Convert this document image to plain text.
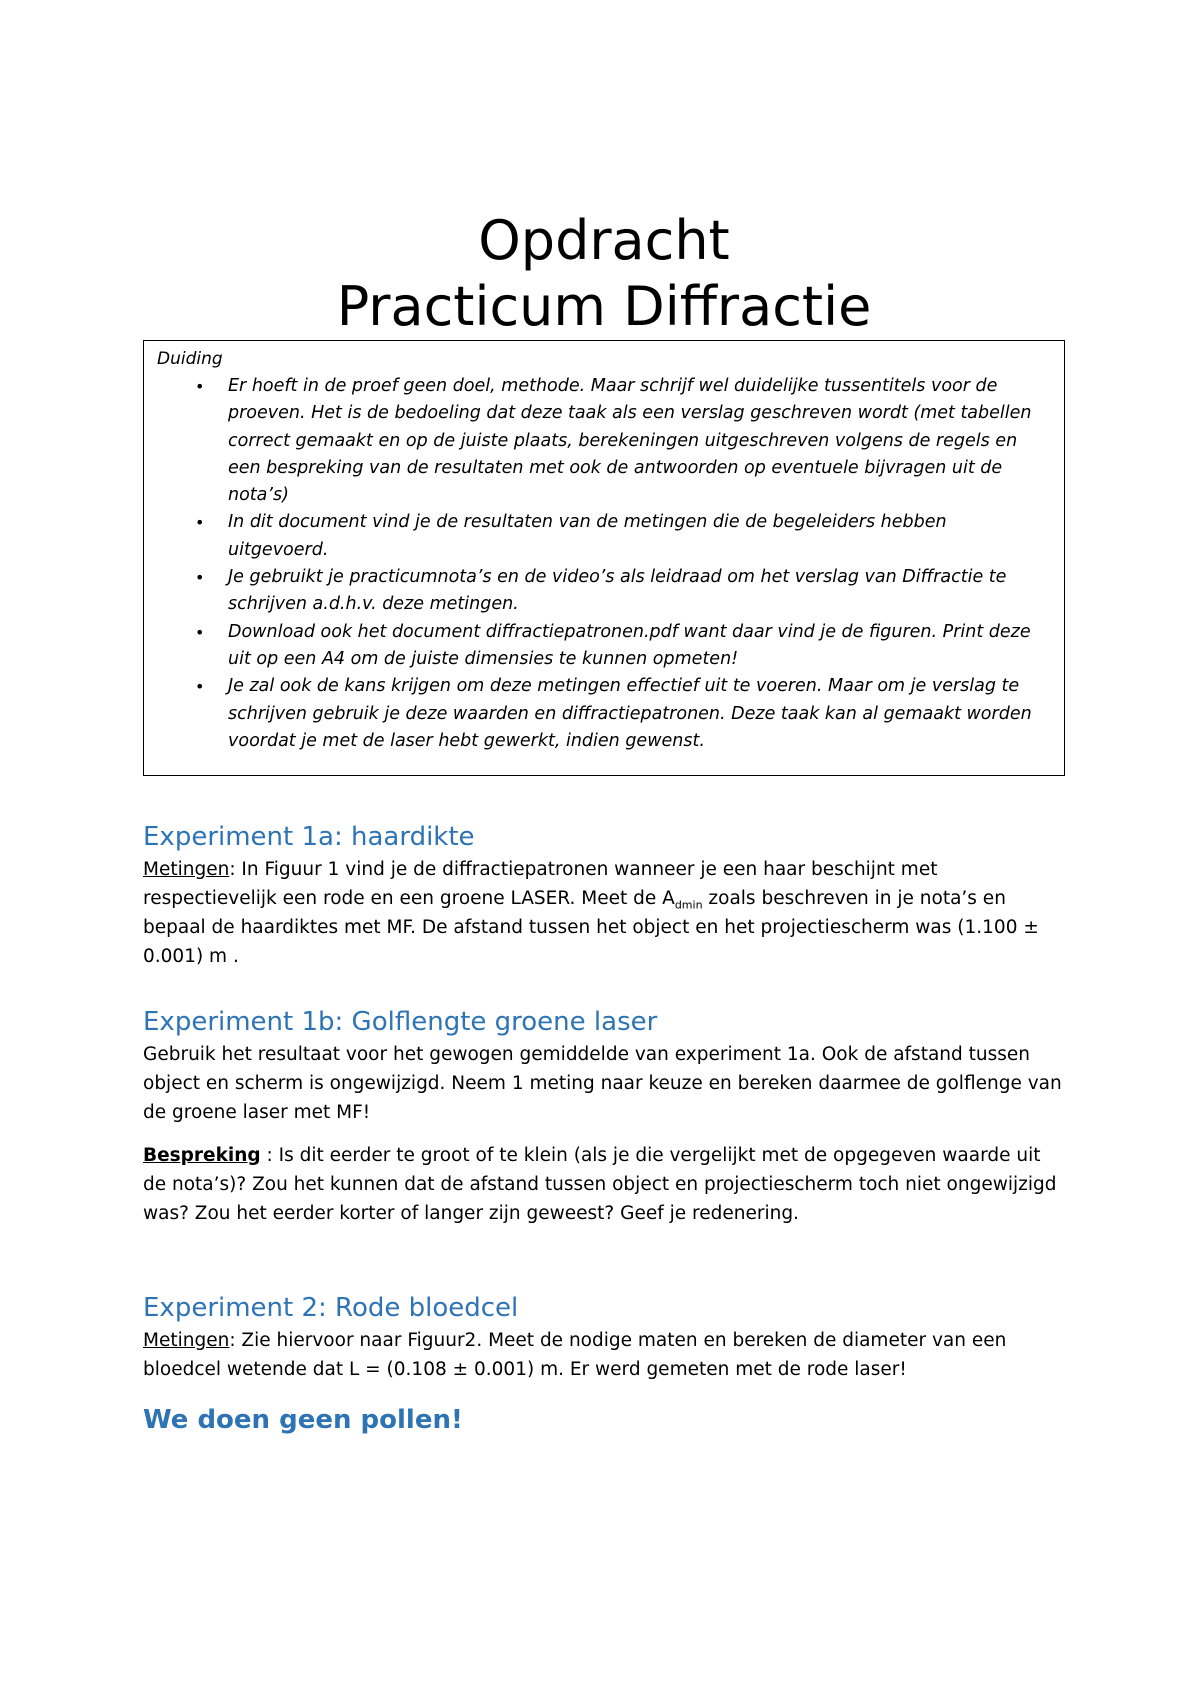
Opdracht
Practicum Diffractie
Duiding
• Er hoeft in de proef geen doel, methode. Maar schrijf wel duidelijke tussentitels voor de proeven. Het is de bedoeling dat deze taak als een verslag geschreven wordt (met tabellen correct gemaakt en op de juiste plaats, berekeningen uitgeschreven volgens de regels en een bespreking van de resultaten met ook de antwoorden op eventuele bijvragen uit de nota’s)
• In dit document vind je de resultaten van de metingen die de begeleiders hebben uitgevoerd.
• Je gebruikt je practicumnota’s en de video’s als leidraad om het verslag van Diffractie te schrijven a.d.h.v. deze metingen.
• Download ook het document diffractiepatronen.pdf want daar vind je de figuren. Print deze uit op een A4 om de juiste dimensies te kunnen opmeten!
• Je zal ook de kans krijgen om deze metingen effectief uit te voeren. Maar om je verslag te schrijven gebruik je deze waarden en diffractiepatronen. Deze taak kan al gemaakt worden voordat je met de laser hebt gewerkt, indien gewenst.
Experiment 1a: haardikte

Metingen: In Figuur 1 vind je de diffractiepatronen wanneer je een haar beschijnt met respectievelijk een rode en een groene LASER. Meet de $A_{dmin}$ zoals beschreven in je nota’s en bepaal de haardiktes met MF. De afstand tussen het object en het projectiescherm was (1.100 ± 0.001) m .

Experiment 1b: Golflengte groene laser

Gebruik het resultaat voor het gewogen gemiddelde van experiment 1a. Ook de afstand tussen object en scherm is ongewijzigd. Neem 1 meting naar keuze en bereken daarmee de golflenge van de groene laser met MF!

Bespreking : Is dit eerder te groot of te klein (als je die vergelijkt met de opgegeven waarde uit de nota’s)? Zou het kunnen dat de afstand tussen object en projectiescherm toch niet ongewijzigd was? Zou het eerder korter of langer zijn geweest? Geef je redenering.

Experiment 2: Rode bloedcel

Metingen: Zie hiervoor naar Figuur2. Meet de nodige maten en bereken de diameter van een bloedcel wetende dat L = (0.108 ± 0.001) m. Er werd gemeten met de rode laser!

We doen geen pollen!
